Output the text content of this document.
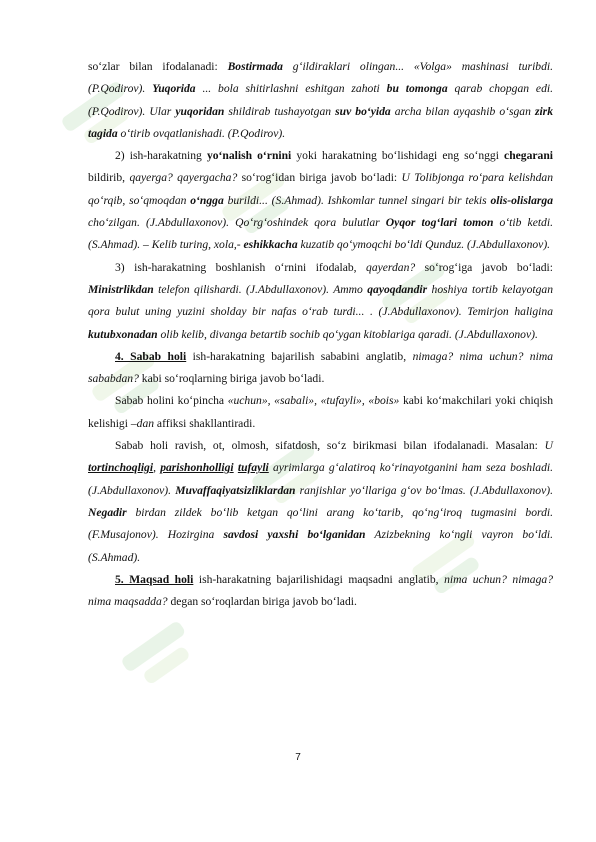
so‘zlar bilan ifodalanadi: Bostirmada g‘ildiraklari olingan... «Volga» mashinasi turibdi. (P.Qodirov). Yuqorida ... bola shitirlashni eshitgan zahoti bu tomonga qarab chopgan edi. (P.Qodirov). Ular yuqoridan shildirab tushayotgan suv bo‘yida archa bilan ayqashib o‘sgan zirk tagida o‘tirib ovqatlanishadi. (P.Qodirov).

2) ish-harakatning yo‘nalish o‘rnini yoki harakatning bo‘lishidagi eng so‘nggi chegarani bildirib, qayerga? qayergacha? so‘rog‘idan biriga javob bo‘ladi: U Tolibjonga ro‘para kelishdan qo‘rqib, so‘qmoqdan o‘ngga burildi... (S.Ahmad). Ishkomlar tunnel singari bir tekis olis-olislarga cho‘zilgan. (J.Abdullaxonov). Qo‘rg‘oshindek qora bulutlar Oyqor tog‘lari tomon o‘tib ketdi. (S.Ahmad). – Kelib turing, xola,- eshikkacha kuzatib qo‘ymoqchi bo‘ldi Qunduz. (J.Abdullaxonov).

3) ish-harakatning boshlanish o‘rnini ifodalab, qayerdan? so‘rog‘iga javob bo‘ladi: Ministrlikdan telefon qilishardi. (J.Abdullaxonov). Ammo qayoqdandir hoshiya tortib kelayotgan qora bulut uning yuzini sholday bir nafas o‘rab turdi... . (J.Abdullaxonov). Temirjon haligina kutubxonadan olib kelib, divanga betartib sochib qo‘ygan kitoblariga qaradi. (J.Abdullaxonov).

4. Sabab holi ish-harakatning bajarilish sababini anglatib, nimaga? nima uchun? nima sababdan? kabi so‘roqlarning biriga javob bo‘ladi.

Sabab holini ko‘pincha «uchun», «sabali», «tufayli», «bois» kabi ko‘makchilari yoki chiqish kelishigi –dan affiksi shakllantiradi.

Sabab holi ravish, ot, olmosh, sifatdosh, so‘z birikmasi bilan ifodalanadi. Masalan: U tortinchoqligi, parishonholligi tufayli ayrimlarga g‘alatiroq ko‘rinayotganini ham seza boshladi. (J.Abdullaxonov). Muvaffaqiyatsizliklardan ranjishlar yo‘llariga g‘ov bo‘lmas. (J.Abdullaxonov). Negadir birdan zildek bo‘lib ketgan qo‘lini arang ko‘tarib, qo‘ng‘iroq tugmasini bordi. (F.Musajonov). Hozirgina savdosi yaxshi bo‘lganidan Azizbekning ko‘ngli vayron bo‘ldi. (S.Ahmad).

5. Maqsad holi ish-harakatning bajarilishidagi maqsadni anglatib, nima uchun? nimaga? nima maqsadda? degan so‘roqlardan biriga javob bo‘ladi.

7
